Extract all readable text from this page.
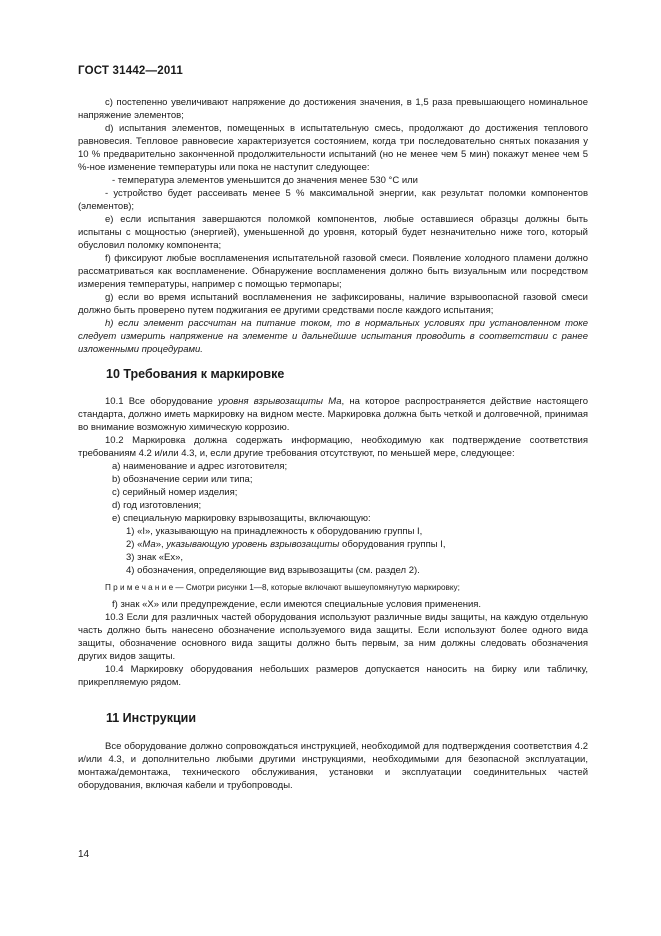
ГОСТ 31442—2011

c) постепенно увеличивают напряжение до достижения значения, в 1,5 раза превышающего номинальное напряжение элементов;

d) испытания элементов, помещенных в испытательную смесь, продолжают до достижения теплового равновесия. Тепловое равновесие характеризуется состоянием, когда три последовательно снятых показания у 10 % предварительно законченной продолжительности испытаний (но не менее чем 5 мин) покажут менее чем 5 %-ное изменение температуры или пока не наступит следующее:

- температура элементов уменьшится до значения менее 530 °С или

- устройство будет рассеивать менее 5 % максимальной энергии, как результат поломки компонентов (элементов);

e) если испытания завершаются поломкой компонентов, любые оставшиеся образцы должны быть испытаны с мощностью (энергией), уменьшенной до уровня, который будет незначительно ниже того, который обусловил поломку компонента;

f) фиксируют любые воспламенения испытательной газовой смеси. Появление холодного пламени должно рассматриваться как воспламенение. Обнаружение воспламенения должно быть визуальным или посредством измерения температуры, например с помощью термопары;

g) если во время испытаний воспламенения не зафиксированы, наличие взрывоопасной газовой смеси должно быть проверено путем поджигания ее другими средствами после каждого испытания;

h) если элемент рассчитан на питание током, то в нормальных условиях при установленном токе следует измерить напряжение на элементе и дальнейшие испытания проводить в соответствии с ранее изложенными процедурами.

10 Требования к маркировке

10.1 Все оборудование уровня взрывозащиты Ма, на которое распространяется действие настоящего стандарта, должно иметь маркировку на видном месте. Маркировка должна быть четкой и долговечной, принимая во внимание возможную химическую коррозию.

10.2 Маркировка должна содержать информацию, необходимую как подтверждение соответствия требованиям 4.2 и/или 4.3, и, если другие требования отсутствуют, по меньшей мере, следующее:

a) наименование и адрес изготовителя;

b) обозначение серии или типа;

c) серийный номер изделия;

d) год изготовления;

e) специальную маркировку взрывозащиты, включающую:

1) «I», указывающую на принадлежность к оборудованию группы I,

2) «Ма», указывающую уровень взрывозащиты оборудования группы I,

3) знак «Ех»,

4) обозначения, определяющие вид взрывозащиты (см. раздел 2).

П р и м е ч а н и е — Смотри рисунки 1—8, которые включают вышеупомянутую маркировку;

f) знак «Х» или предупреждение, если имеются специальные условия применения.

10.3 Если для различных частей оборудования используют различные виды защиты, на каждую отдельную часть должно быть нанесено обозначение используемого вида защиты. Если используют более одного вида защиты, обозначение основного вида защиты должно быть первым, за ним должны следовать обозначения других видов защиты.

10.4 Маркировку оборудования небольших размеров допускается наносить на бирку или табличку, прикрепляемую рядом.

11 Инструкции

Все оборудование должно сопровождаться инструкцией, необходимой для подтверждения соответствия 4.2 и/или 4.3, и дополнительно любыми другими инструкциями, необходимыми для безопасной эксплуатации, монтажа/демонтажа, технического обслуживания, установки и эксплуатации соединительных частей оборудования, включая кабели и трубопроводы.

14
